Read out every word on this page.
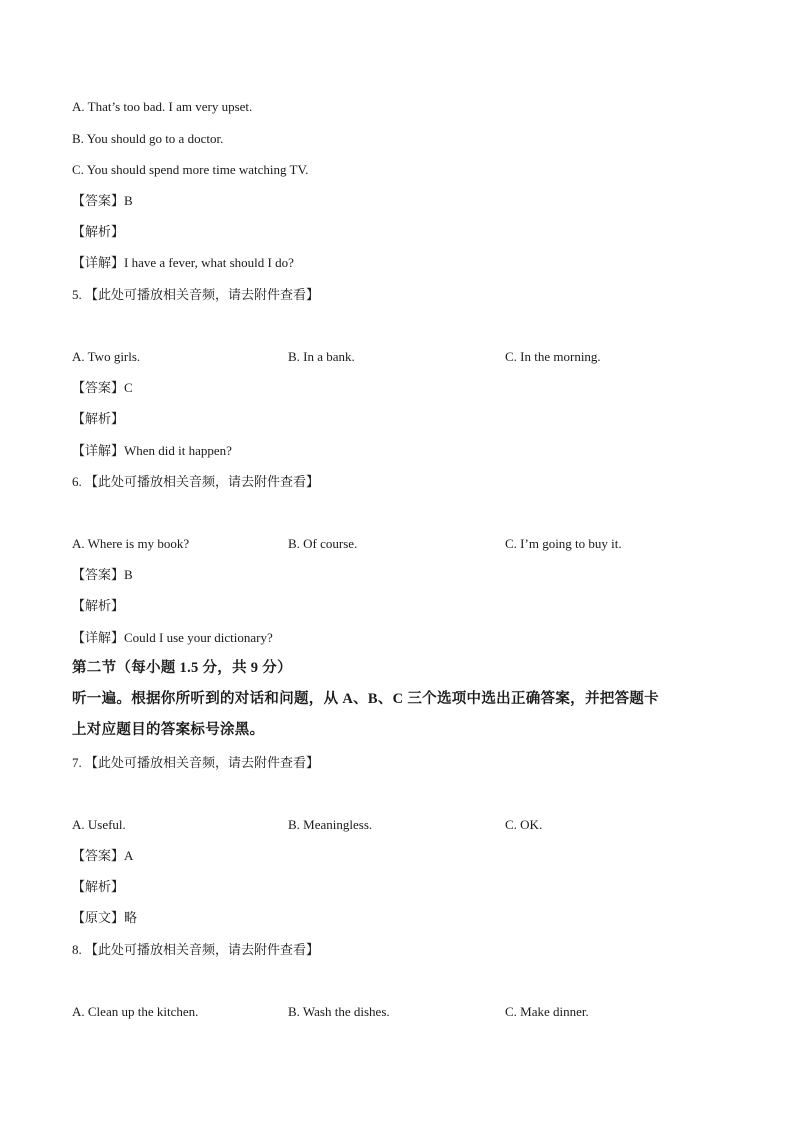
A. That’s too bad. I am very upset.
B. You should go to a doctor.
C. You should spend more time watching TV.
【答案】B
【解析】
【详解】I have a fever, what should I do?
5. 【此处可播放相关音频，请去附件查看】
A. Two girls.	B. In a bank.	C. In the morning.
【答案】C
【解析】
【详解】When did it happen?
6. 【此处可播放相关音频，请去附件查看】
A. Where is my book?	B. Of course.	C. I’m going to buy it.
【答案】B
【解析】
【详解】Could I use your dictionary?
第二节（每小题 1.5 分，共 9 分）
听一遍。根据你所听到的对话和问题，从 A、B、C 三个选项中选出正确答案，并把答题卡
上对应题目的答案标号涂黑。
7. 【此处可播放相关音频，请去附件查看】
A. Useful.	B. Meaningless.	C. OK.
【答案】A
【解析】
【原文】略
8. 【此处可播放相关音频，请去附件查看】
A. Clean up the kitchen.	B. Wash the dishes.	C. Make dinner.
